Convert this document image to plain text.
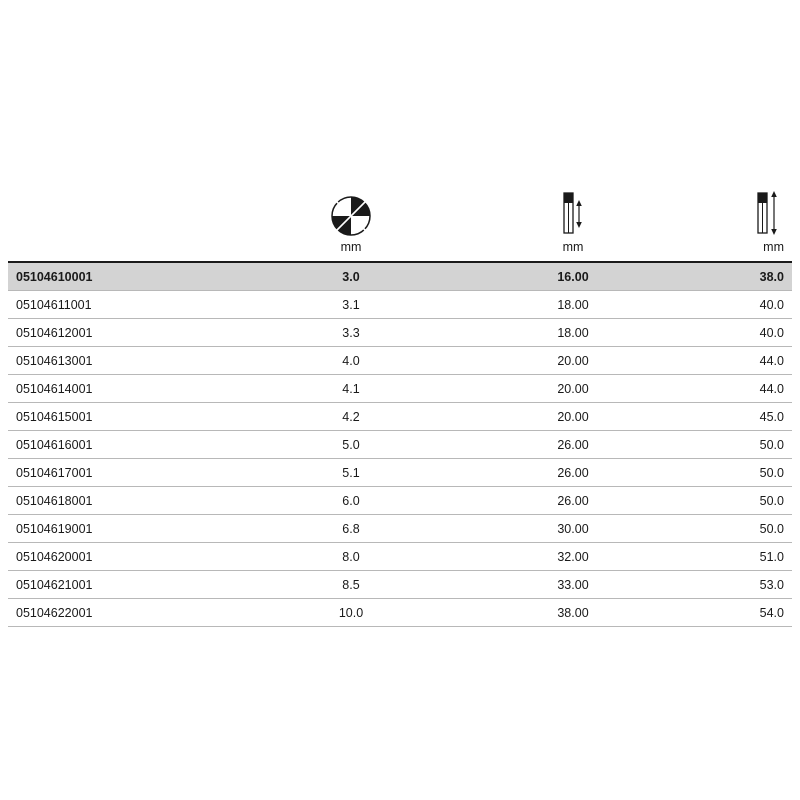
	mm	mm	mm

05104610001	3.0	16.00	38.0
05104611001	3.1	18.00	40.0
05104612001	3.3	18.00	40.0
05104613001	4.0	20.00	44.0
05104614001	4.1	20.00	44.0
05104615001	4.2	20.00	45.0
05104616001	5.0	26.00	50.0
05104617001	5.1	26.00	50.0
05104618001	6.0	26.00	50.0
05104619001	6.8	30.00	50.0
05104620001	8.0	32.00	51.0
05104621001	8.5	33.00	53.0
05104622001	10.0	38.00	54.0
